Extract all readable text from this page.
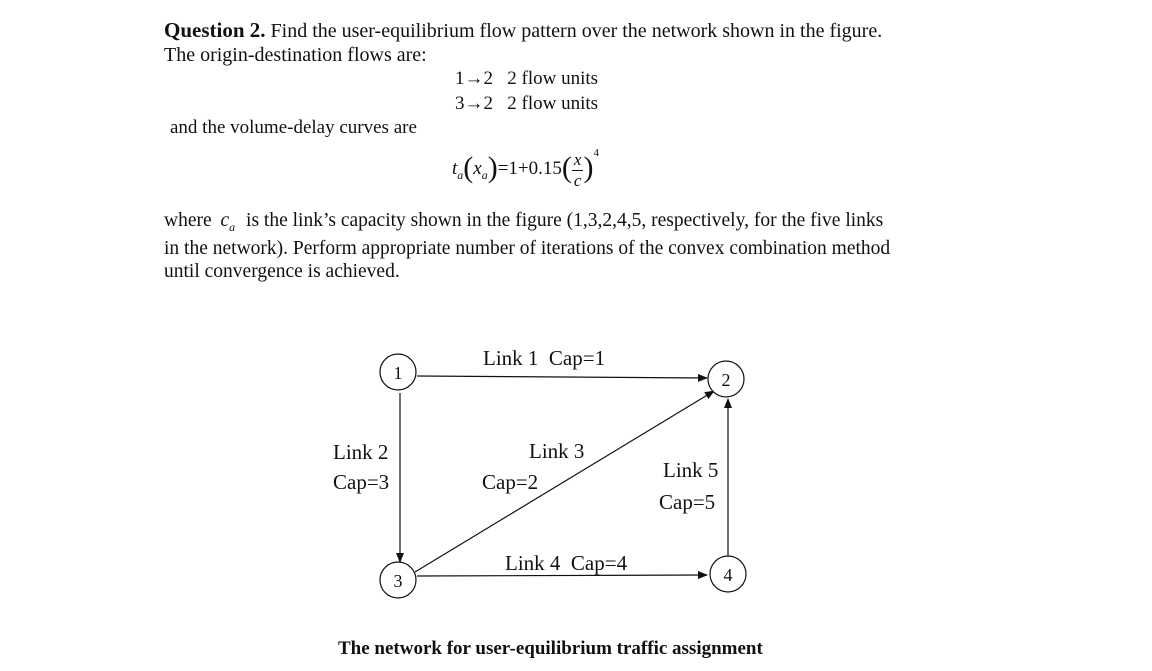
Question 2. Find the user-equilibrium flow pattern over the network shown in the figure.
The origin-destination flows are:
1→2 2 flow units
3→2 2 flow units
and the volume-delay curves are
$t_a(x_a)=1+0.15( \frac{x}{c} )^4$
where $c_a$ is the link’s capacity shown in the figure (1,3,2,4,5, respectively, for the five links
in the network). Perform appropriate number of iterations of the convex combination method
until convergence is achieved.
1	2
3	4
Link 1  Cap=1
Link 2
Cap=3
Link 3
Cap=2
Link 4  Cap=4
Link 5
Cap=5
The network for user-equilibrium traffic assignment
